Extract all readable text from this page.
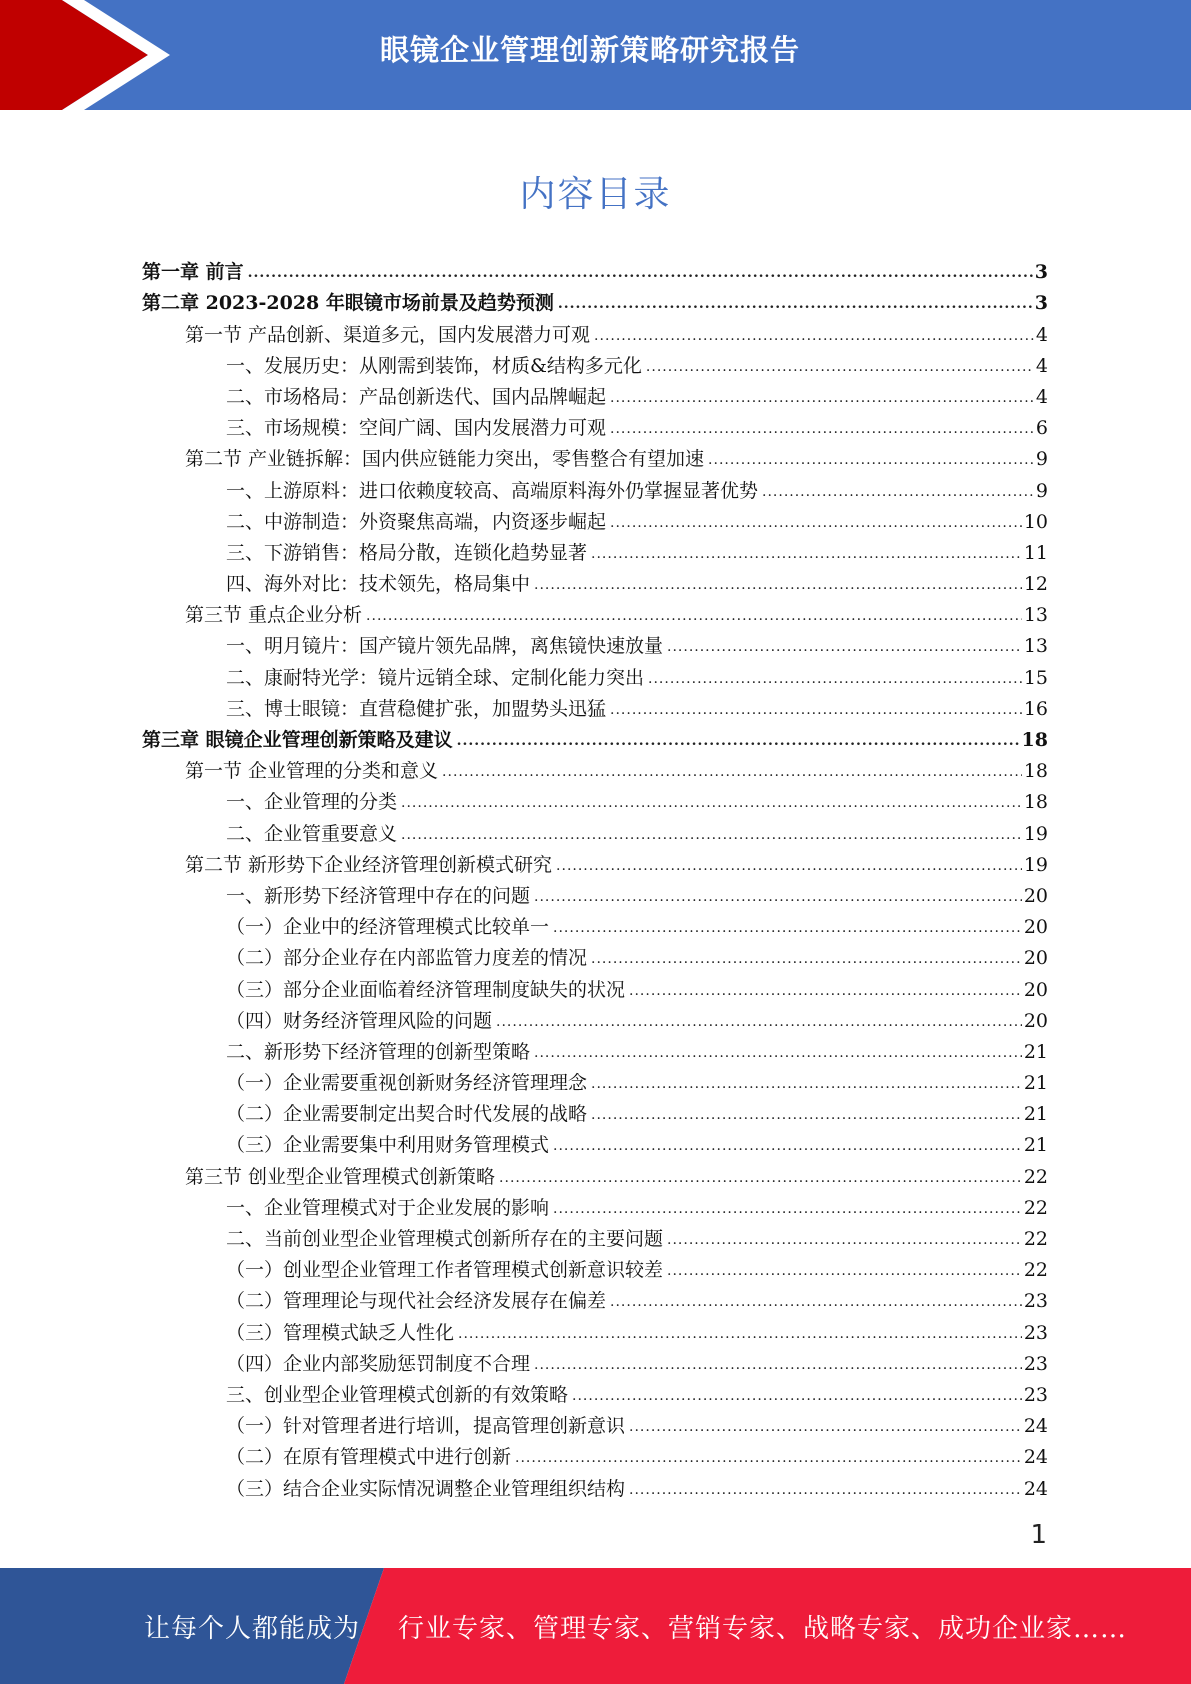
眼镜企业管理创新策略研究报告
内容目录
第一章 前言 .....	3
第二章 2023-2028 年眼镜市场前景及趋势预测 .....	3
第一节 产品创新、渠道多元，国内发展潜力可观 .....	4
一、发展历史：从刚需到装饰，材质&结构多元化 .....	4
二、市场格局：产品创新迭代、国内品牌崛起 .....	4
三、市场规模：空间广阔、国内发展潜力可观 .....	6
第二节 产业链拆解：国内供应链能力突出，零售整合有望加速 .....	9
一、上游原料：进口依赖度较高、高端原料海外仍掌握显著优势 .....	9
二、中游制造：外资聚焦高端，内资逐步崛起 .....	10
三、下游销售：格局分散，连锁化趋势显著 .....	11
四、海外对比：技术领先，格局集中 .....	12
第三节 重点企业分析 .....	13
一、明月镜片：国产镜片领先品牌，离焦镜快速放量 .....	13
二、康耐特光学：镜片远销全球、定制化能力突出 .....	15
三、博士眼镜：直营稳健扩张，加盟势头迅猛 .....	16
第三章 眼镜企业管理创新策略及建议 .....	18
第一节 企业管理的分类和意义 .....	18
一、企业管理的分类 .....	18
二、企业管重要意义 .....	19
第二节 新形势下企业经济管理创新模式研究 .....	19
一、新形势下经济管理中存在的问题 .....	20
（一）企业中的经济管理模式比较单一 .....	20
（二）部分企业存在内部监管力度差的情况 .....	20
（三）部分企业面临着经济管理制度缺失的状况 .....	20
（四）财务经济管理风险的问题 .....	20
二、新形势下经济管理的创新型策略 .....	21
（一）企业需要重视创新财务经济管理理念 .....	21
（二）企业需要制定出契合时代发展的战略 .....	21
（三）企业需要集中利用财务管理模式 .....	21
第三节 创业型企业管理模式创新策略 .....	22
一、企业管理模式对于企业发展的影响 .....	22
二、当前创业型企业管理模式创新所存在的主要问题 .....	22
（一）创业型企业管理工作者管理模式创新意识较差 .....	22
（二）管理理论与现代社会经济发展存在偏差 .....	23
（三）管理模式缺乏人性化 .....	23
（四）企业内部奖励惩罚制度不合理 .....	23
三、创业型企业管理模式创新的有效策略 .....	23
（一）针对管理者进行培训，提高管理创新意识 .....	24
（二）在原有管理模式中进行创新 .....	24
（三）结合企业实际情况调整企业管理组织结构 .....	24
1
让每个人都能成为 行业专家、管理专家、营销专家、战略专家、成功企业家……
